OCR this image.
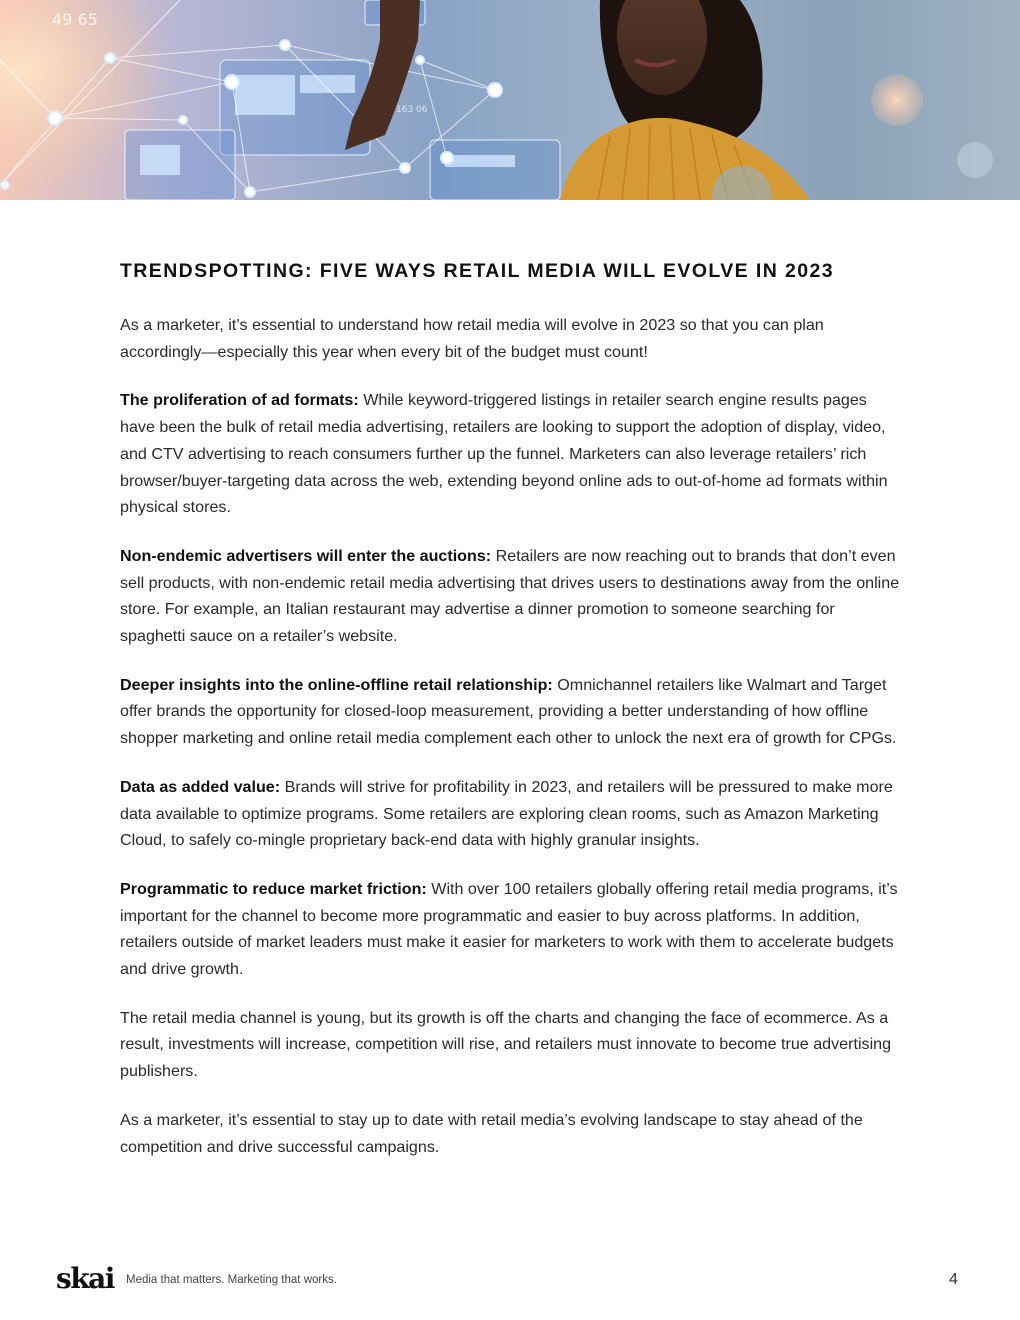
49 65
163 06
TRENDSPOTTING: FIVE WAYS RETAIL MEDIA WILL EVOLVE IN 2023

As a marketer, it’s essential to understand how retail media will evolve in 2023 so that you can plan accordingly—especially this year when every bit of the budget must count!

The proliferation of ad formats: While keyword-triggered listings in retailer search engine results pages have been the bulk of retail media advertising, retailers are looking to support the adoption of display, video, and CTV advertising to reach consumers further up the funnel. Marketers can also leverage retailers’ rich browser/buyer-targeting data across the web, extending beyond online ads to out-of-home ad formats within physical stores.

Non-endemic advertisers will enter the auctions: Retailers are now reaching out to brands that don’t even sell products, with non-endemic retail media advertising that drives users to destinations away from the online store. For example, an Italian restaurant may advertise a dinner promotion to someone searching for spaghetti sauce on a retailer’s website.

Deeper insights into the online-offline retail relationship: Omnichannel retailers like Walmart and Target offer brands the opportunity for closed-loop measurement, providing a better understanding of how offline shopper marketing and online retail media complement each other to unlock the next era of growth for CPGs.

Data as added value: Brands will strive for profitability in 2023, and retailers will be pressured to make more data available to optimize programs. Some retailers are exploring clean rooms, such as Amazon Marketing Cloud, to safely co-mingle proprietary back-end data with highly granular insights.

Programmatic to reduce market friction: With over 100 retailers globally offering retail media programs, it’s important for the channel to become more programmatic and easier to buy across platforms. In addition, retailers outside of market leaders must make it easier for marketers to work with them to accelerate budgets and drive growth.

The retail media channel is young, but its growth is off the charts and changing the face of ecommerce. As a result, investments will increase, competition will rise, and retailers must innovate to become true advertising publishers.

As a marketer, it’s essential to stay up to date with retail media’s evolving landscape to stay ahead of the competition and drive successful campaigns.

skai Media that matters. Marketing that works.	4
